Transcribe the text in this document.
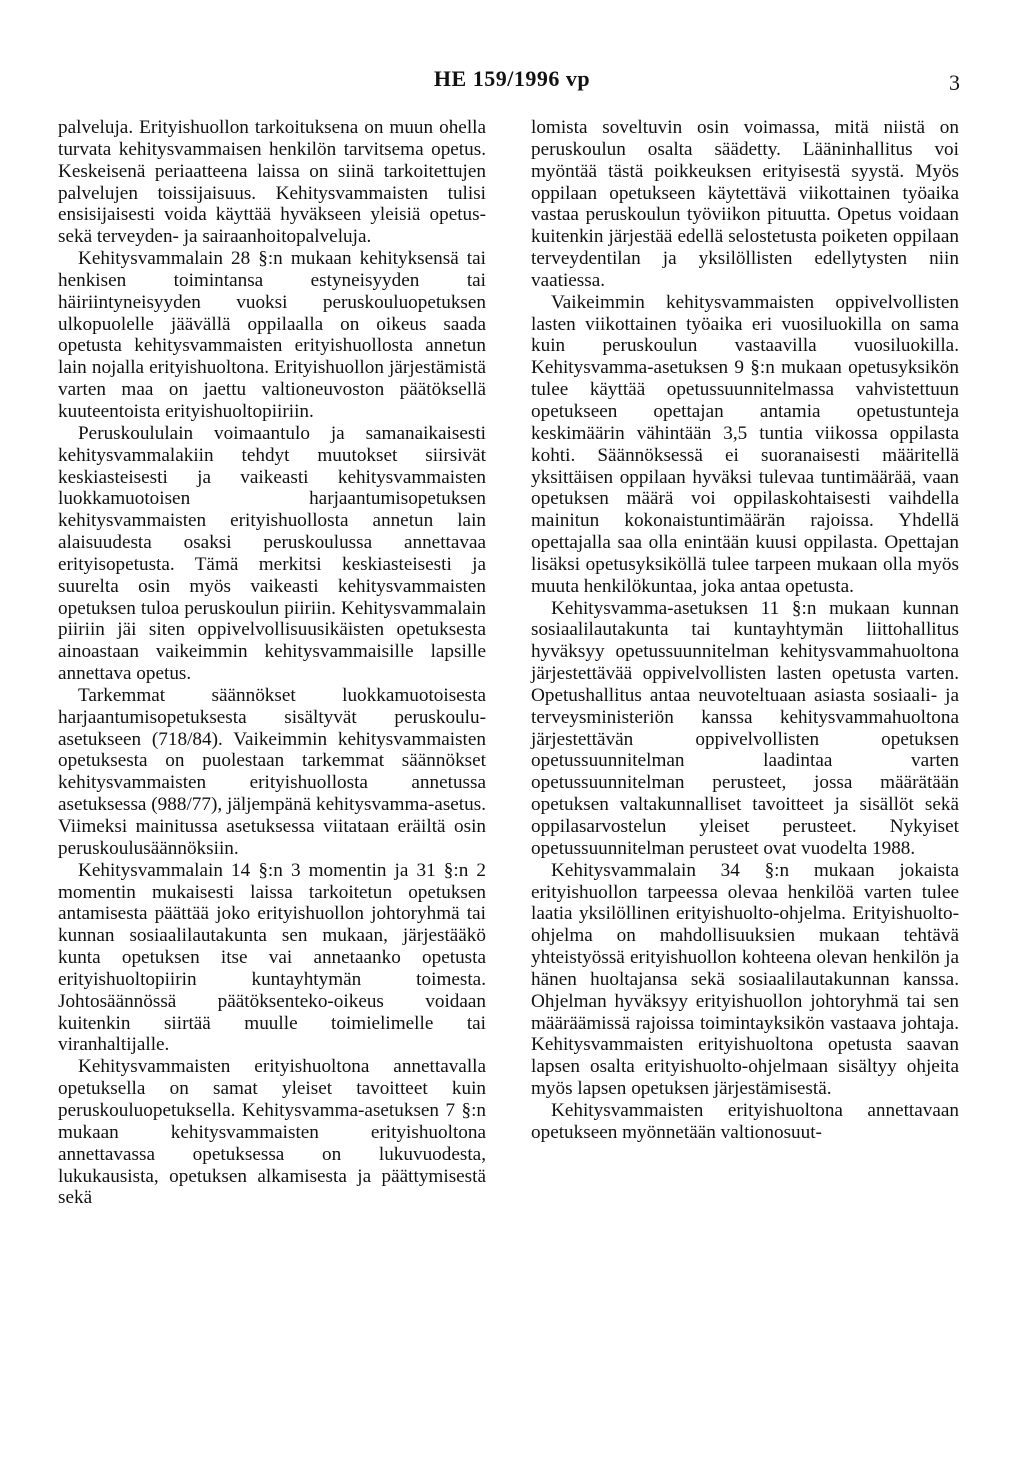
HE 159/1996 vp	3

palveluja. Erityishuollon tarkoituksena on muun ohella turvata kehitysvammaisen henkilön tarvitsema opetus. Keskeisenä periaatteena laissa on siinä tarkoitettujen palvelujen toissijaisuus. Kehitysvammaisten tulisi ensisijaisesti voida käyttää hyväkseen yleisiä opetus- sekä terveyden- ja sairaanhoitopalveluja.

Kehitysvammalain 28 §:n mukaan kehityksensä tai henkisen toimintansa estyneisyyden tai häiriintyneisyyden vuoksi peruskouluopetuksen ulkopuolelle jäävällä oppilaalla on oikeus saada opetusta kehitysvammaisten erityishuollosta annetun lain nojalla erityishuoltona. Erityishuollon järjestämistä varten maa on jaettu valtioneuvoston päätöksellä kuuteentoista erityishuoltopiiriin.

Peruskoululain voimaantulo ja samanaikaisesti kehitysvammalakiin tehdyt muutokset siirsivät keskiasteisesti ja vaikeasti kehitysvammaisten luokkamuotoisen harjaantumisopetuksen kehitysvammaisten erityishuollosta annetun lain alaisuudesta osaksi peruskoulussa annettavaa erityisopetusta. Tämä merkitsi keskiasteisesti ja suurelta osin myös vaikeasti kehitysvammaisten opetuksen tuloa peruskoulun piiriin. Kehitysvammalain piiriin jäi siten oppivelvollisuusikäisten opetuksesta ainoastaan vaikeimmin kehitysvammaisille lapsille annettava opetus.

Tarkemmat säännökset luokkamuotoisesta harjaantumisopetuksesta sisältyvät peruskoulu-asetukseen (718/84). Vaikeimmin kehitysvammaisten opetuksesta on puolestaan tarkemmat säännökset kehitysvammaisten erityishuollosta annetussa asetuksessa (988/77), jäljempänä kehitysvamma-asetus. Viimeksi mainitussa asetuksessa viitataan eräiltä osin peruskoulusäännöksiin.

Kehitysvammalain 14 §:n 3 momentin ja 31 §:n 2 momentin mukaisesti laissa tarkoitetun opetuksen antamisesta päättää joko erityishuollon johtoryhmä tai kunnan sosiaalilautakunta sen mukaan, järjestääkö kunta opetuksen itse vai annetaanko opetusta erityishuoltopiirin kuntayhtymän toimesta. Johtosäännössä päätöksenteko-oikeus voidaan kuitenkin siirtää muulle toimielimelle tai viranhaltijalle.

Kehitysvammaisten erityishuoltona annettavalla opetuksella on samat yleiset tavoitteet kuin peruskouluopetuksella. Kehitysvamma-asetuksen 7 §:n mukaan kehitysvammaisten erityishuoltona annettavassa opetuksessa on lukuvuodesta, lukukausista, opetuksen alkamisesta ja päättymisestä sekä

lomista soveltuvin osin voimassa, mitä niistä on peruskoulun osalta säädetty. Lääninhallitus voi myöntää tästä poikkeuksen erityisestä syystä. Myös oppilaan opetukseen käytettävä viikottainen työaika vastaa peruskoulun työviikon pituutta. Opetus voidaan kuitenkin järjestää edellä selostetusta poiketen oppilaan terveydentilan ja yksilöllisten edellytysten niin vaatiessa.

Vaikeimmin kehitysvammaisten oppivelvollisten lasten viikottainen työaika eri vuosiluokilla on sama kuin peruskoulun vastaavilla vuosiluokilla. Kehitysvamma-asetuksen 9 §:n mukaan opetusyksikön tulee käyttää opetussuunnitelmassa vahvistettuun opetukseen opettajan antamia opetustunteja keskimäärin vähintään 3,5 tuntia viikossa oppilasta kohti. Säännöksessä ei suoranaisesti määritellä yksittäisen oppilaan hyväksi tulevaa tuntimäärää, vaan opetuksen määrä voi oppilaskohtaisesti vaihdella mainitun kokonaistuntimäärän rajoissa. Yhdellä opettajalla saa olla enintään kuusi oppilasta. Opettajan lisäksi opetusyksiköllä tulee tarpeen mukaan olla myös muuta henkilökuntaa, joka antaa opetusta.

Kehitysvamma-asetuksen 11 §:n mukaan kunnan sosiaalilautakunta tai kuntayhtymän liittohallitus hyväksyy opetussuunnitelman kehitysvammahuoltona järjestettävää oppivelvollisten lasten opetusta varten. Opetushallitus antaa neuvoteltuaan asiasta sosiaali- ja terveysministeriön kanssa kehitysvammahuoltona järjestettävän oppivelvollisten opetuksen opetussuunnitelman laadintaa varten opetussuunnitelman perusteet, jossa määrätään opetuksen valtakunnalliset tavoitteet ja sisällöt sekä oppilasarvostelun yleiset perusteet. Nykyiset opetussuunnitelman perusteet ovat vuodelta 1988.

Kehitysvammalain 34 §:n mukaan jokaista erityishuollon tarpeessa olevaa henkilöä varten tulee laatia yksilöllinen erityishuolto-ohjelma. Erityishuolto-ohjelma on mahdollisuuksien mukaan tehtävä yhteistyössä erityishuollon kohteena olevan henkilön ja hänen huoltajansa sekä sosiaalilautakunnan kanssa. Ohjelman hyväksyy erityishuollon johtoryhmä tai sen määräämissä rajoissa toimintayksikön vastaava johtaja. Kehitysvammaisten erityishuoltona opetusta saavan lapsen osalta erityishuolto-ohjelmaan sisältyy ohjeita myös lapsen opetuksen järjestämisestä.

Kehitysvammaisten erityishuoltona annettavaan opetukseen myönnetään valtionosuut-
